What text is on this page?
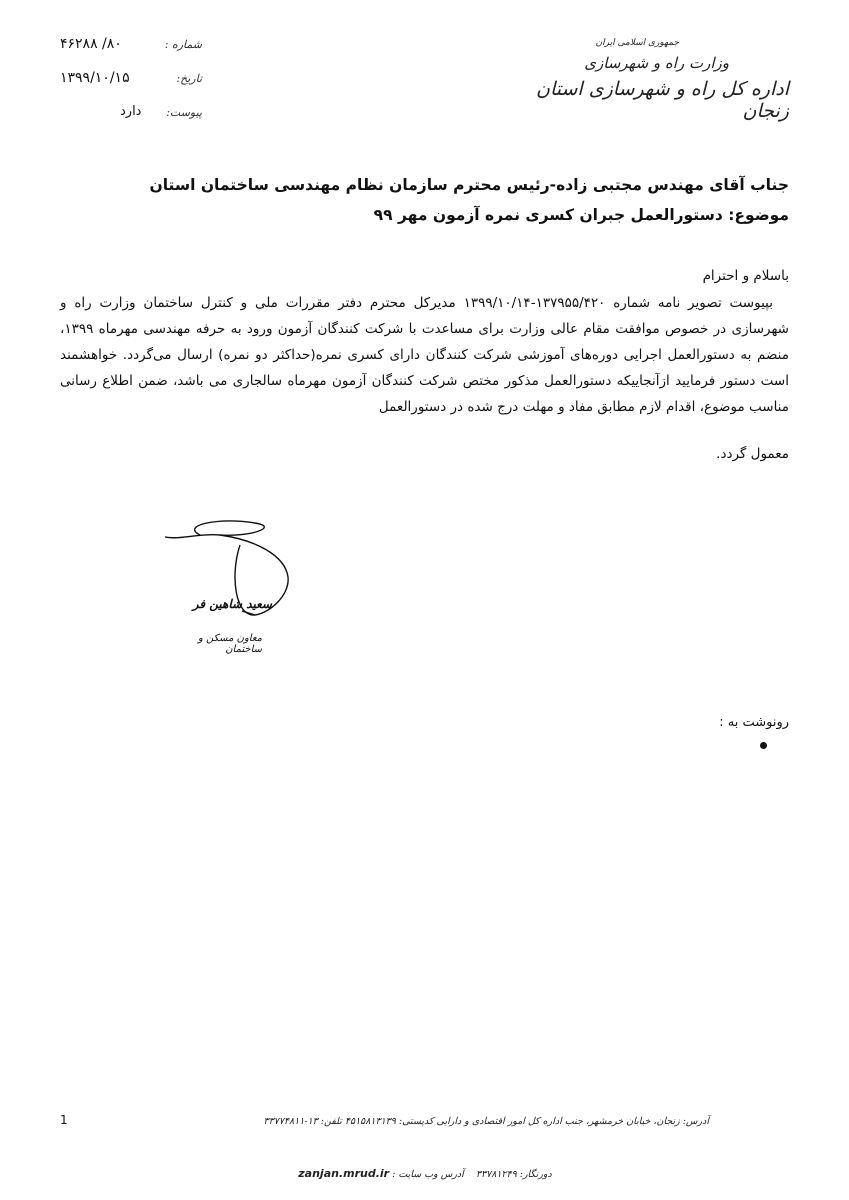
جمهوری اسلامی ایران
وزارت راه و شهرسازی
اداره کل راه و شهرسازی استان زنجان
شماره :
۸۰/ ۴۶۲۸۸
تاریخ:
۱۳۹۹/۱۰/۱۵
پیوست:
دارد
جناب آقای مهندس مجتبی زاده-رئیس محترم سازمان نظام مهندسی ساختمان استان
موضوع: دستورالعمل جبران کسری نمره آزمون مهر ۹۹
باسلام و احترام

بپیوست تصویر نامه شماره ۱۳۷۹۵۵/۴۲۰-۱۳۹۹/۱۰/۱۴ مدیرکل محترم دفتر مقررات ملی و کنترل ساختمان وزارت راه و شهرسازی در خصوص موافقت مقام عالی وزارت برای مساعدت با شرکت کنندگان آزمون ورود به حرفه مهندسی مهرماه ۱۳۹۹، منضم به دستورالعمل اجرایی دوره‌های آموزشی شرکت کنندگان دارای کسری نمره(حداکثر دو نمره) ارسال می‌گردد. خواهشمند است دستور فرمایید ازآنجاییکه دستورالعمل مذکور مختص شرکت کنندگان آزمون مهرماه سالجاری می باشد، ضمن اطلاع رسانی مناسب موضوع، اقدام لازم مطابق مفاد و مهلت درج شده در دستورالعمل

معمول گردد.
سعید شاهین فر
معاون مسکن و ساختمان
رونوشت به :
1	آدرس: زنجان، خیابان خرمشهر، جنب اداره کل امور اقتصادی و دارایی کدپستی: ۴۵۱۵۸۱۳۱۳۹ تلفن: ۱۳-۳۳۷۷۴۸۱۱
دورنگار: ۳۳۷۸۱۲۴۹    آدرس وب سایت : zanjan.mrud.ir
